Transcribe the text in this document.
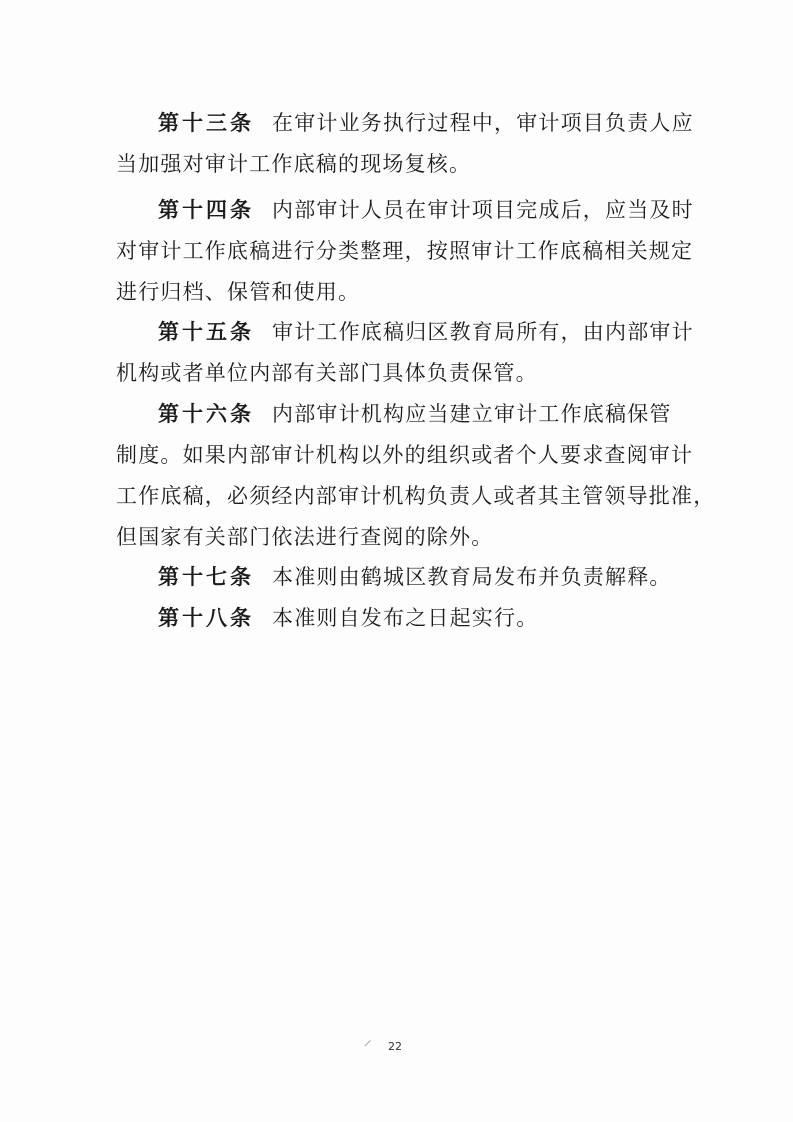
第十三条 在审计业务执行过程中，审计项目负责人应
当加强对审计工作底稿的现场复核。

第十四条 内部审计人员在审计项目完成后，应当及时
对审计工作底稿进行分类整理，按照审计工作底稿相关规定
进行归档、保管和使用。

第十五条 审计工作底稿归区教育局所有，由内部审计
机构或者单位内部有关部门具体负责保管。

第十六条 内部审计机构应当建立审计工作底稿保管
制度。如果内部审计机构以外的组织或者个人要求查阅审计
工作底稿，必须经内部审计机构负责人或者其主管领导批准，
但国家有关部门依法进行查阅的除外。

第十七条 本准则由鹤城区教育局发布并负责解释。

第十八条 本准则自发布之日起实行。

22
